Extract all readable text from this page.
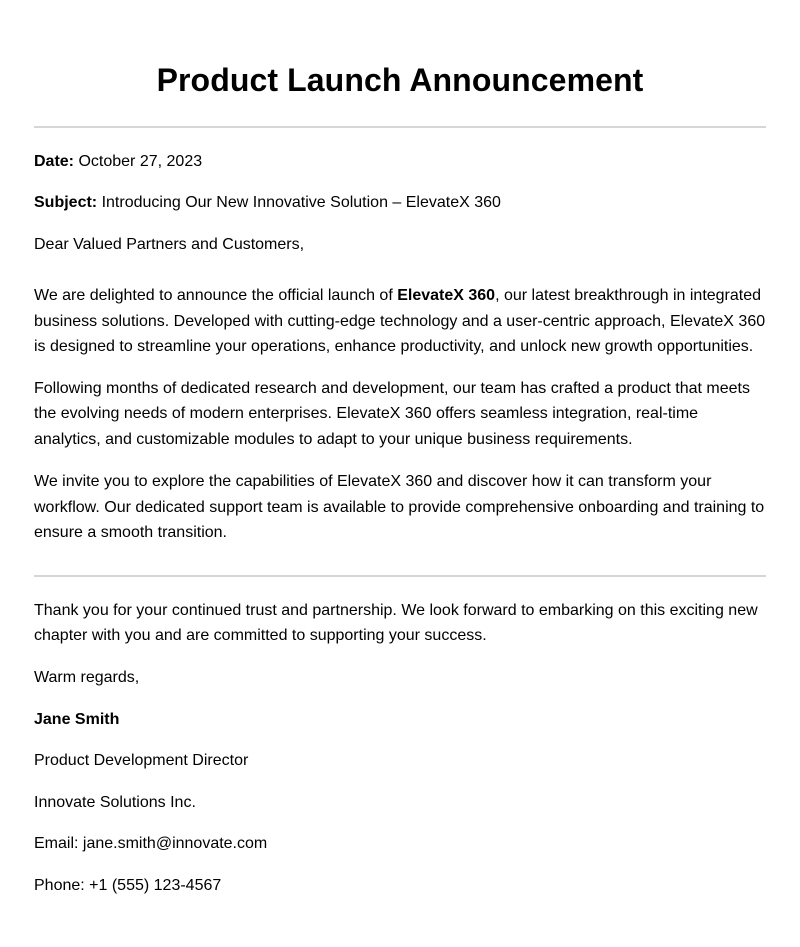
Product Launch Announcement

Date: October 27, 2023

Subject: Introducing Our New Innovative Solution – ElevateX 360

Dear Valued Partners and Customers,

We are delighted to announce the official launch of ElevateX 360, our latest breakthrough in integrated business solutions. Developed with cutting-edge technology and a user-centric approach, ElevateX 360 is designed to streamline your operations, enhance productivity, and unlock new growth opportunities.

Following months of dedicated research and development, our team has crafted a product that meets the evolving needs of modern enterprises. ElevateX 360 offers seamless integration, real-time analytics, and customizable modules to adapt to your unique business requirements.

We invite you to explore the capabilities of ElevateX 360 and discover how it can transform your workflow. Our dedicated support team is available to provide comprehensive onboarding and training to ensure a smooth transition.

Thank you for your continued trust and partnership. We look forward to embarking on this exciting new chapter with you and are committed to supporting your success.

Warm regards,

Jane Smith

Product Development Director

Innovate Solutions Inc.

Email: jane.smith@innovate.com

Phone: +1 (555) 123-4567
